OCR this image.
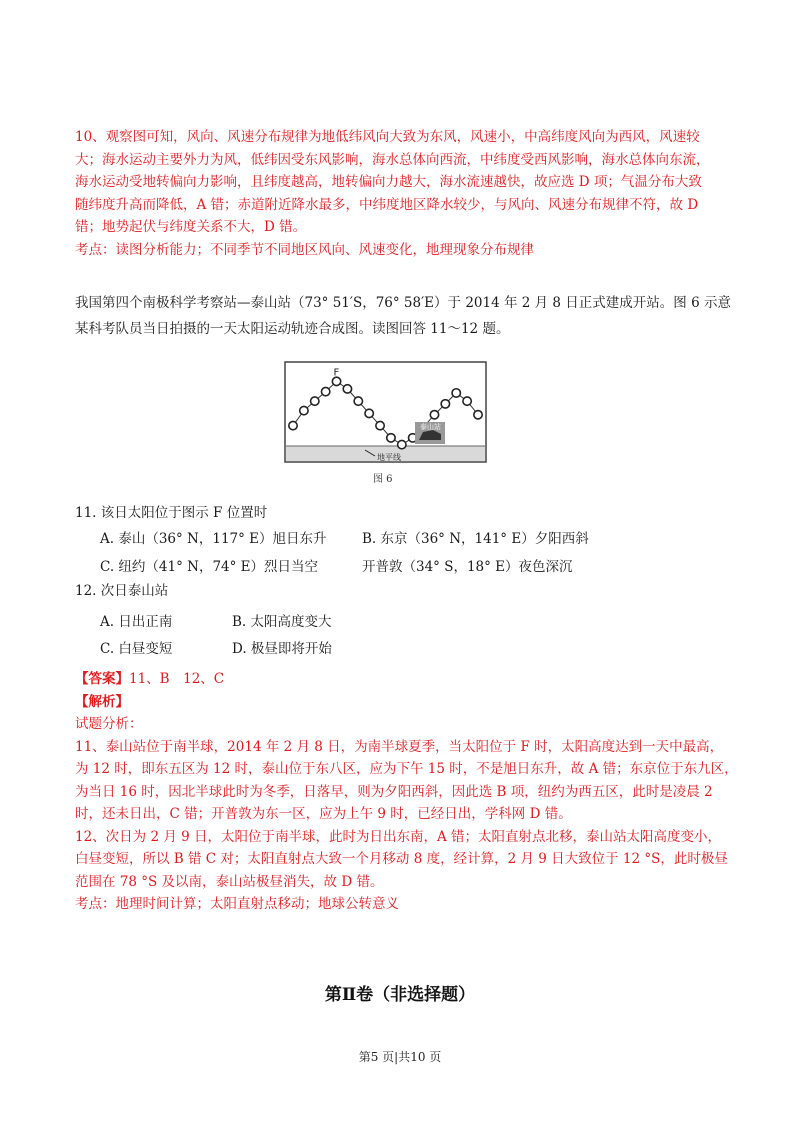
10、观察图可知，风向、风速分布规律为地低纬风向大致为东风，风速小，中高纬度风向为西风，风速较
大；海水运动主要外力为风，低纬因受东风影响，海水总体向西流，中纬度受西风影响，海水总体向东流，
海水运动受地转偏向力影响，且纬度越高，地转偏向力越大，海水流速越快，故应选 D 项；气温分布大致
随纬度升高而降低，A 错；赤道附近降水最多，中纬度地区降水较少，与风向、风速分布规律不符，故 D
错；地势起伏与纬度关系不大，D 错。
考点：读图分析能力；不同季节不同地区风向、风速变化，地理现象分布规律
我国第四个南极科学考察站—泰山站（73° 51′S，76° 58′E）于 2014 年 2 月 8 日正式建成开站。图 6 示意
某科考队员当日拍摄的一天太阳运动轨迹合成图。读图回答 11～12 题。
F
泰山站
地平线
图 6
11. 该日太阳位于图示 F 位置时
A. 泰山（36° N，117° E）旭日东升	B. 东京（36° N，141° E）夕阳西斜
C. 纽约（41° N，74° E）烈日当空	开普敦（34° S，18° E）夜色深沉
12. 次日泰山站
A. 日出正南	B. 太阳高度变大
C. 白昼变短	D. 极昼即将开始
【答案】11、B　12、C
【解析】
试题分析：
11、泰山站位于南半球，2014 年 2 月 8 日，为南半球夏季，当太阳位于 F 时，太阳高度达到一天中最高，
为 12 时，即东五区为 12 时，泰山位于东八区，应为下午 15 时，不是旭日东升，故 A 错；东京位于东九区，
为当日 16 时，因北半球此时为冬季，日落早，则为夕阳西斜，因此选 B 项，纽约为西五区，此时是凌晨 2
时，还未日出，C 错；开普敦为东一区，应为上午 9 时，已经日出，学科网 D 错。
12、次日为 2 月 9 日，太阳位于南半球，此时为日出东南，A 错；太阳直射点北移，泰山站太阳高度变小，
白昼变短，所以 B 错 C 对；太阳直射点大致一个月移动 8 度，经计算，2 月 9 日大致位于 12 °S，此时极昼
范围在 78 °S 及以南，泰山站极昼消失，故 D 错。
考点：地理时间计算；太阳直射点移动；地球公转意义
第Ⅱ卷（非选择题）
第5 页|共10 页
